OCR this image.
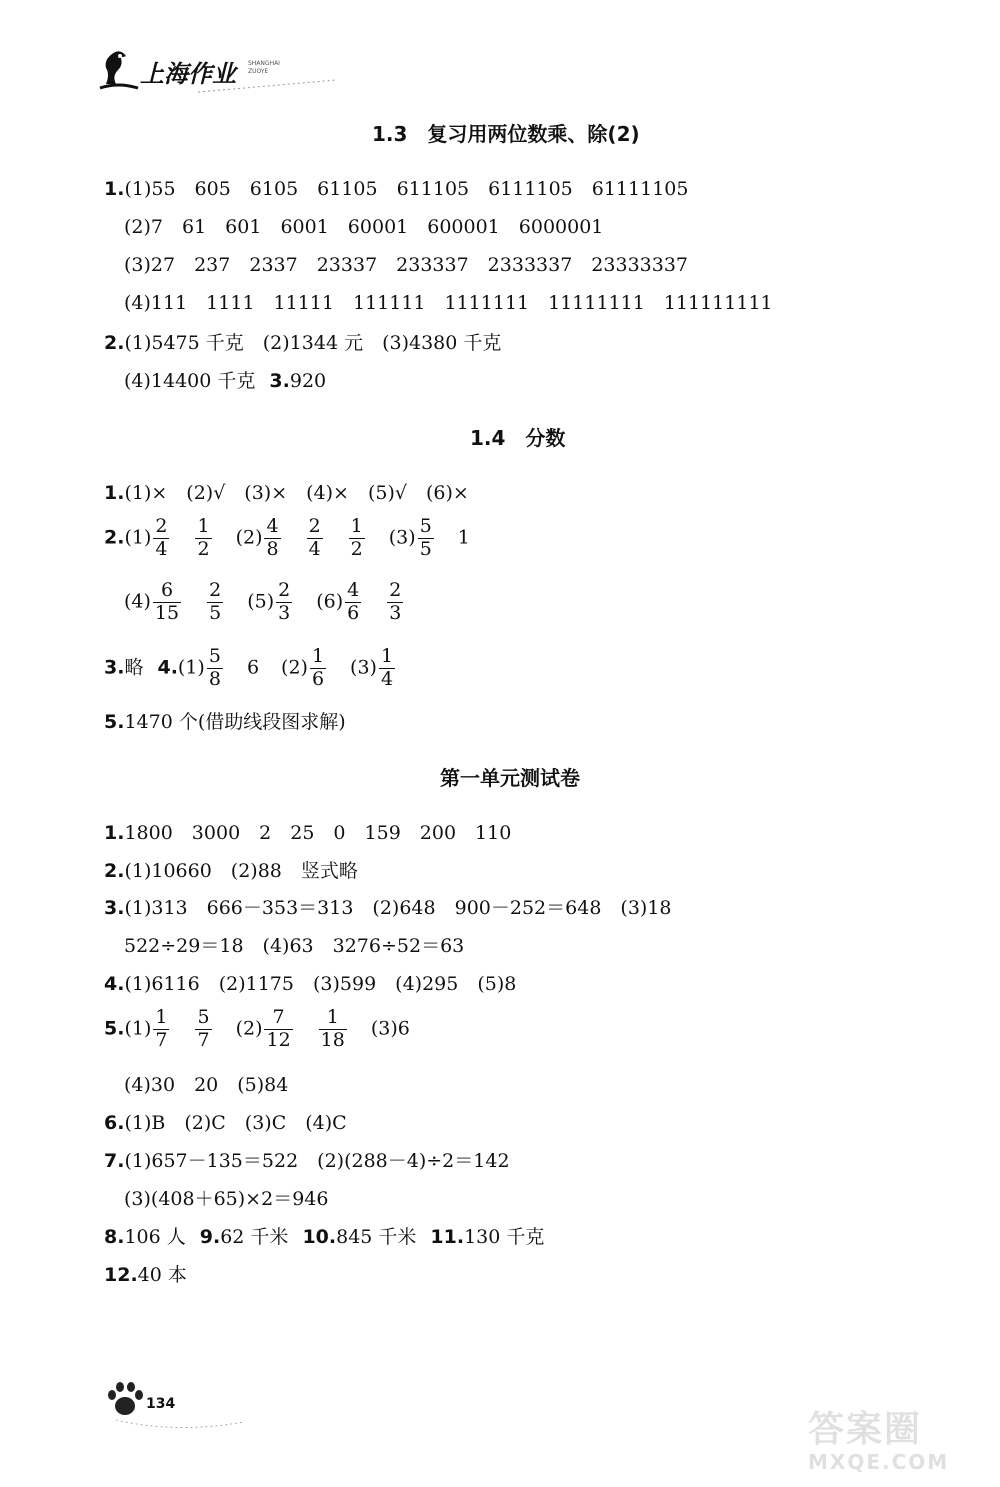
上海作业 SHANGHAI
ZUOYE
1.3　复习用两位数乘、除(2)
1.(1)55　605　6105　61105　611105　6111105　61111105
(2)7　61　601　6001　60001　600001　6000001
(3)27　237　2337　23337　233337　2333337　23333337
(4)111　1111　11111　111111　1111111　11111111　111111111
2.(1)5475 千克　(2)1344 元　(3)4380 千克
(4)14400 千克 3.920
1.4　分数
1.(1)×　(2)√　(3)×　(4)×　(5)√　(6)×
$2.(1) \frac{2}{4} \frac{1}{2} (2) \frac{4}{8} \frac{2}{4} \frac{1}{2} (3) \frac{5}{5} 1$
$(4) \frac{6}{15} \frac{2}{5} (5) \frac{2}{3} (6) \frac{4}{6} \frac{2}{3}$
3.略 $4.(1) \frac{5}{8} 6$ $(2) \frac{1}{6} (3) \frac{1}{4}$
5.1470 个(借助线段图求解)
第一单元测试卷
1.1800　3000　2　25　0　159　200　110
2.(1)10660　(2)88　竖式略
3.(1)313　666－353＝313　(2)648　900－252＝648　(3)18
522÷29＝18　(4)63　3276÷52＝63
4.(1)6116　(2)1175　(3)599　(4)295　(5)8
$5.(1) \frac{1}{7} \frac{5}{7} (2) \frac{7}{12} \frac{1}{18} (3)6$
(4)30　20　(5)84
6.(1)B　(2)C　(3)C　(4)C
7.(1)657－135＝522　(2)(288－4)÷2＝142
(3)(408＋65)×2＝946
8.106 人 9.62 千米 10.845 千米 11.130 千克
12.40 本
134
答案圈
MXQE.COM
